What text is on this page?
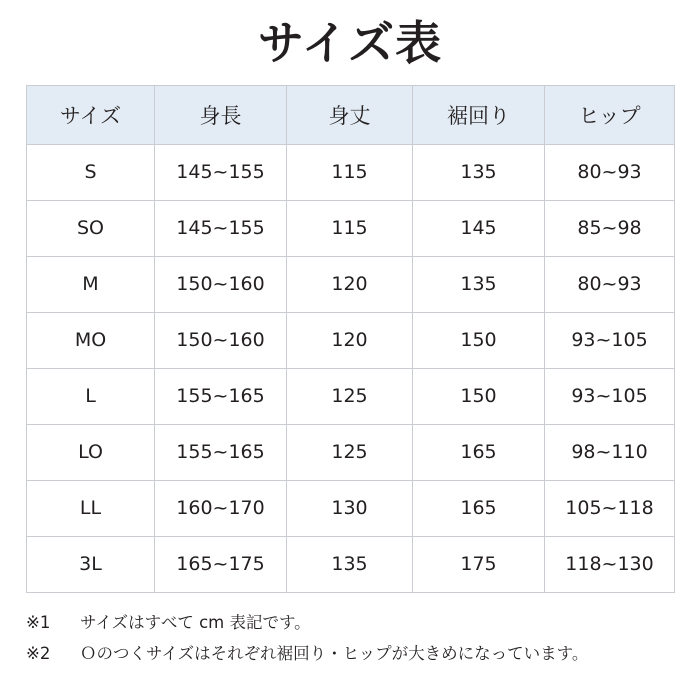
サイズ表
サイズ	身長	身丈	裾回り	ヒップ
S	145~155	115	135	80~93
SO	145~155	115	145	85~98
M	150~160	120	135	80~93
MO	150~160	120	150	93~105
L	155~165	125	150	93~105
LO	155~165	125	165	98~110
LL	160~170	130	165	105~118
3L	165~175	135	175	118~130
※1	サイズはすべて cm 表記です。
※2	Ｏのつくサイズはそれぞれ裾回り・ヒップが大きめになっています。
